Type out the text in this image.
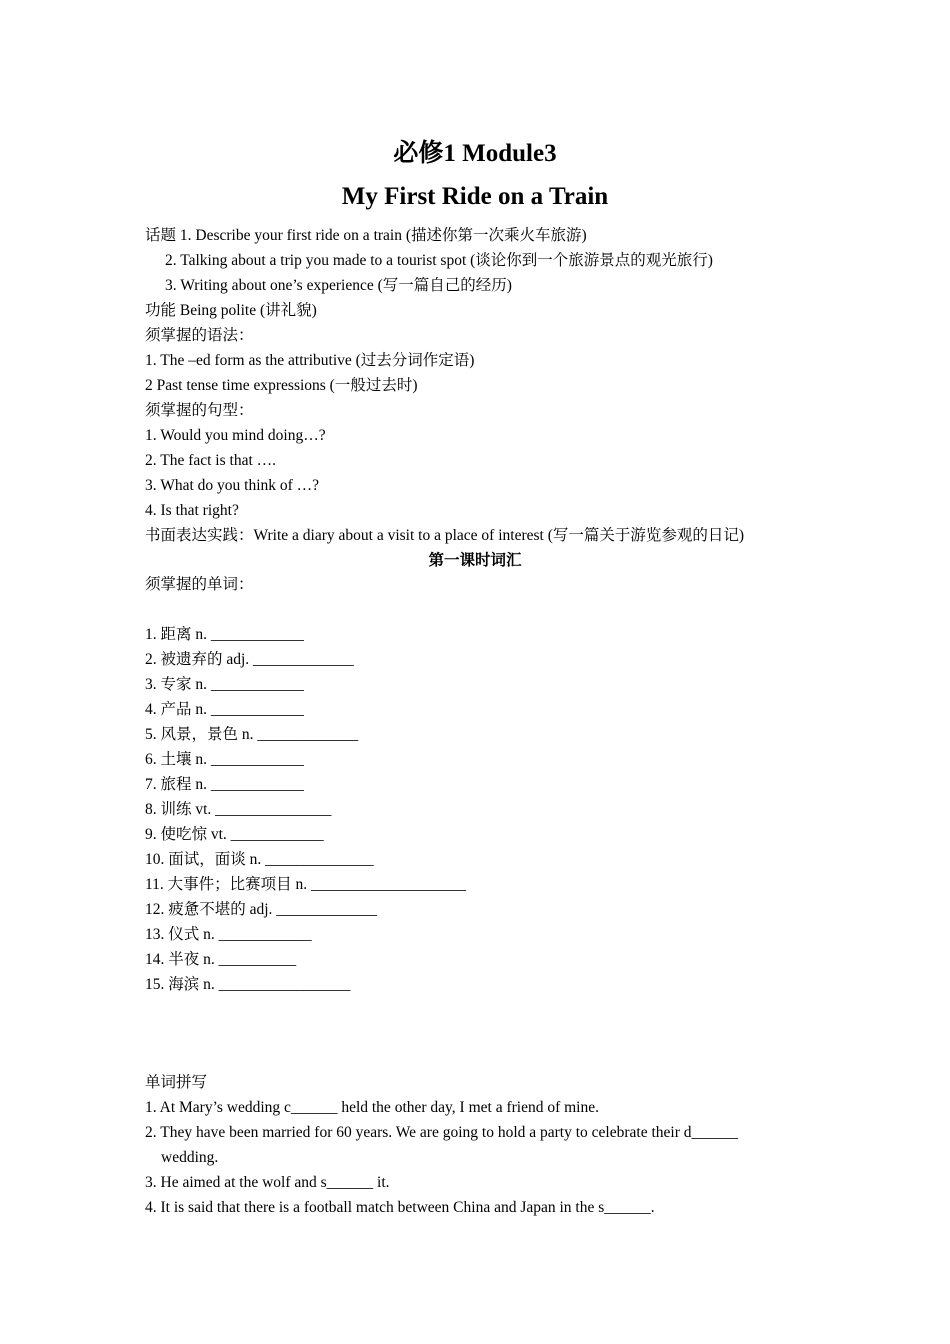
必修1 Module3
My First Ride on a Train

话题 1. Describe your first ride on a train (描述你第一次乘火车旅游)

2. Talking about a trip you made to a tourist spot (谈论你到一个旅游景点的观光旅行)

3. Writing about one’s experience (写一篇自己的经历)

功能 Being polite (讲礼貌)

须掌握的语法：

1. The –ed form as the attributive (过去分词作定语)

2 Past tense time expressions (一般过去时)

须掌握的句型：

1. Would you mind doing…?

2. The fact is that ….

3. What do you think of …?

4. Is that right?

书面表达实践：Write a diary about a visit to a place of interest (写一篇关于游览参观的日记)

第一课时词汇

须掌握的单词：

1. 距离 n. ____________

2. 被遗弃的 adj. _____________

3. 专家 n. ____________

4. 产品 n. ____________

5. 风景，景色 n. _____________

6. 土壤 n. ____________

7. 旅程 n. ____________

8. 训练 vt. _______________

9. 使吃惊 vt. ____________

10. 面试，面谈 n. ______________

11. 大事件；比赛项目 n. ____________________

12. 疲惫不堪的 adj. _____________

13. 仪式 n. ____________

14. 半夜 n. __________

15. 海滨 n. _________________

单词拼写

1. At Mary’s wedding c______ held the other day, I met a friend of mine.

2. They have been married for 60 years. We are going to hold a party to celebrate their d______

wedding.

3. He aimed at the wolf and s______ it.

4. It is said that there is a football match between China and Japan in the s______.
